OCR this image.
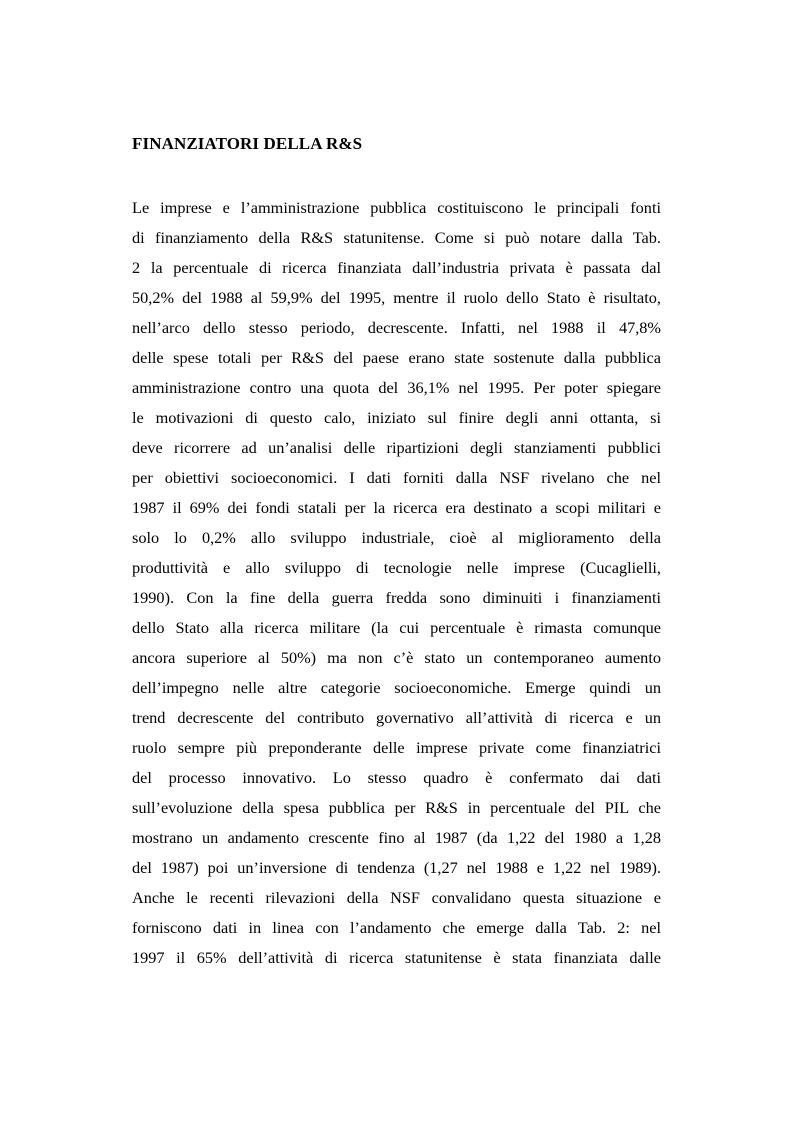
FINANZIATORI DELLA R&S
Le imprese e l’amministrazione pubblica costituiscono le principali fonti
di finanziamento della R&S statunitense. Come si può notare dalla Tab.
2 la percentuale di ricerca finanziata dall’industria privata è passata dal
50,2% del 1988 al 59,9% del 1995, mentre il ruolo dello Stato è risultato,
nell’arco dello stesso periodo, decrescente. Infatti, nel 1988 il 47,8%
delle spese totali per R&S del paese erano state sostenute dalla pubblica
amministrazione contro una quota del 36,1% nel 1995. Per poter spiegare
le motivazioni di questo calo, iniziato sul finire degli anni ottanta, si
deve ricorrere ad un’analisi delle ripartizioni degli stanziamenti pubblici
per obiettivi socioeconomici. I dati forniti dalla NSF rivelano che nel
1987 il 69% dei fondi statali per la ricerca era destinato a scopi militari e
solo lo 0,2% allo sviluppo industriale, cioè al miglioramento della
produttività e allo sviluppo di tecnologie nelle imprese (Cucaglielli,
1990). Con la fine della guerra fredda sono diminuiti i finanziamenti
dello Stato alla ricerca militare (la cui percentuale è rimasta comunque
ancora superiore al 50%) ma non c’è stato un contemporaneo aumento
dell’impegno nelle altre categorie socioeconomiche. Emerge quindi un
trend decrescente del contributo governativo all’attività di ricerca e un
ruolo sempre più preponderante delle imprese private come finanziatrici
del processo innovativo. Lo stesso quadro è confermato dai dati
sull’evoluzione della spesa pubblica per R&S in percentuale del PIL che
mostrano un andamento crescente fino al 1987 (da 1,22 del 1980 a 1,28
del 1987) poi un’inversione di tendenza (1,27 nel 1988 e 1,22 nel 1989).
Anche le recenti rilevazioni della NSF convalidano questa situazione e
forniscono dati in linea con l’andamento che emerge dalla Tab. 2: nel
1997 il 65% dell’attività di ricerca statunitense è stata finanziata dalle
